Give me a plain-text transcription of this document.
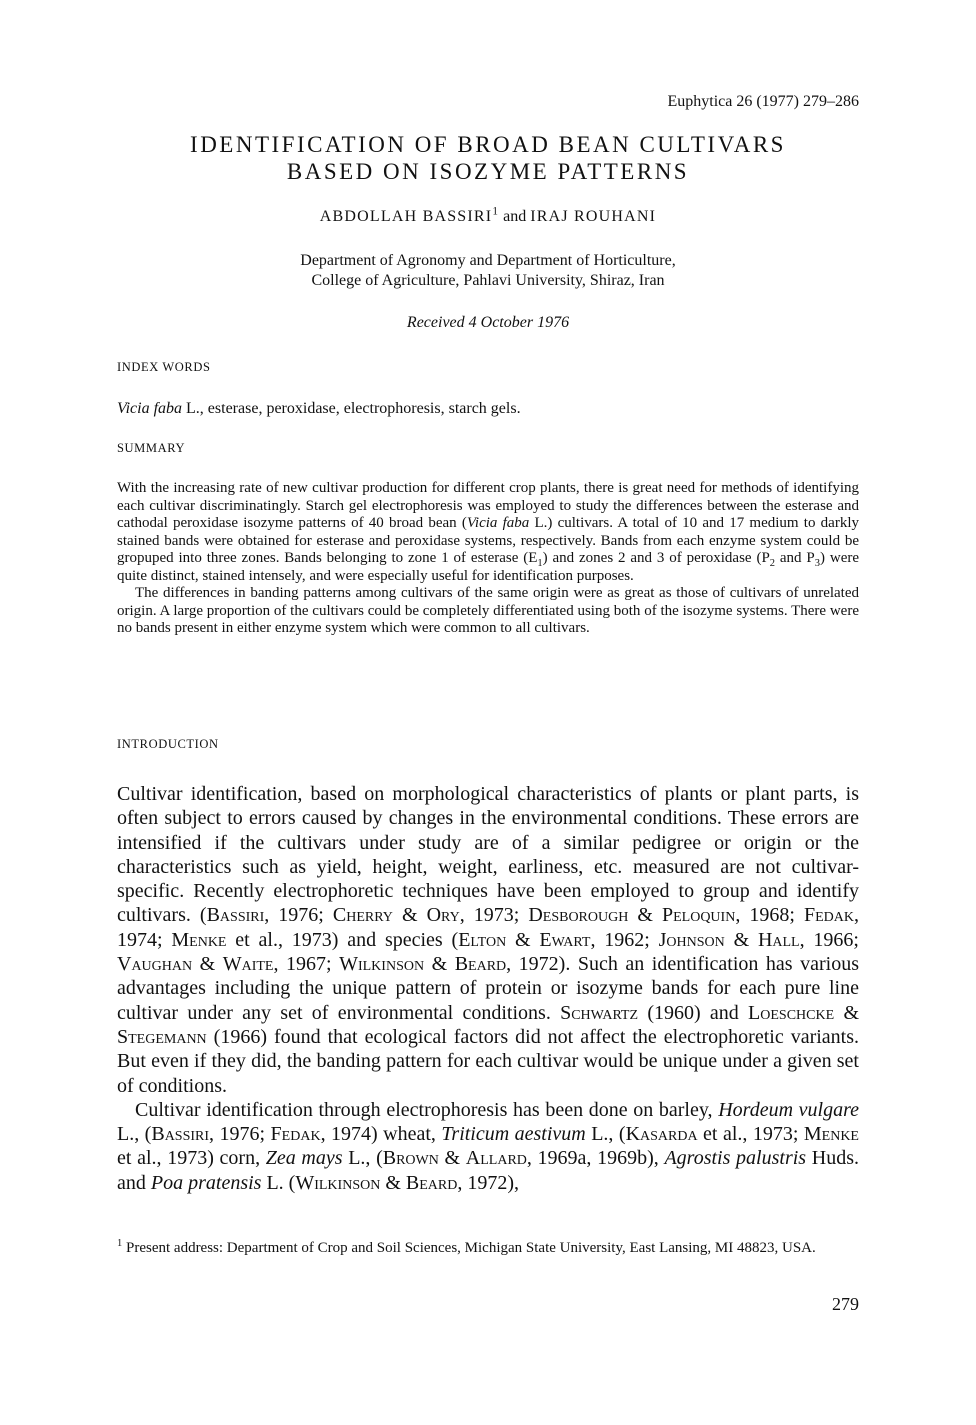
Euphytica 26 (1977) 279–286
IDENTIFICATION OF BROAD BEAN CULTIVARS
BASED ON ISOZYME PATTERNS
ABDOLLAH BASSIRI$^1$ and IRAJ ROUHANI
Department of Agronomy and Department of Horticulture,
College of Agriculture, Pahlavi University, Shiraz, Iran
Received 4 October 1976
INDEX WORDS
Vicia faba L., esterase, peroxidase, electrophoresis, starch gels.
SUMMARY

With the increasing rate of new cultivar production for different crop plants, there is great need for methods of identifying each cultivar discriminatingly. Starch gel electrophoresis was employed to study the differences between the esterase and cathodal peroxidase isozyme patterns of 40 broad bean (Vicia faba L.) cultivars. A total of 10 and 17 medium to darkly stained bands were obtained for esterase and peroxidase systems, respectively. Bands from each enzyme system could be gropuped into three zones. Bands belonging to zone 1 of esterase $(E_1)$ and zones 2 and 3 of peroxidase ($P_2$ and $P_3$) were quite distinct, stained intensely, and were especially useful for identification purposes.

The differences in banding patterns among cultivars of the same origin were as great as those of cultivars of unrelated origin. A large proportion of the cultivars could be completely differentiated using both of the isozyme systems. There were no bands present in either enzyme system which were common to all cultivars.

INTRODUCTION

Cultivar identification, based on morphological characteristics of plants or plant parts, is often subject to errors caused by changes in the environmental conditions. These errors are intensified if the cultivars under study are of a similar pedigree or origin or the characteristics such as yield, height, weight, earliness, etc. measured are not cultivar-specific. Recently electrophoretic techniques have been employed to group and identify cultivars. (Bassiri, 1976; Cherry & Ory, 1973; Desborough & Peloquin, 1968; Fedak, 1974; Menke et al., 1973) and species (Elton & Ewart, 1962; Johnson & Hall, 1966; Vaughan & Waite, 1967; Wilkinson & Beard, 1972). Such an identification has various advantages including the unique pattern of protein or isozyme bands for each pure line cultivar under any set of environmental conditions. Schwartz (1960) and Loeschcke & Stegemann (1966) found that ecological factors did not affect the electrophoretic variants. But even if they did, the banding pattern for each cultivar would be unique under a given set of conditions.

Cultivar identification through electrophoresis has been done on barley, Hordeum vulgare L., (Bassiri, 1976; Fedak, 1974) wheat, Triticum aestivum L., (Kasarda et al., 1973; Menke et al., 1973) corn, Zea mays L., (Brown & Allard, 1969a, 1969b), Agrostis palustris Huds. and Poa pratensis L. (Wilkinson & Beard, 1972),

$^1$ Present address: Department of Crop and Soil Sciences, Michigan State University, East Lansing, MI 48823, USA.
279
